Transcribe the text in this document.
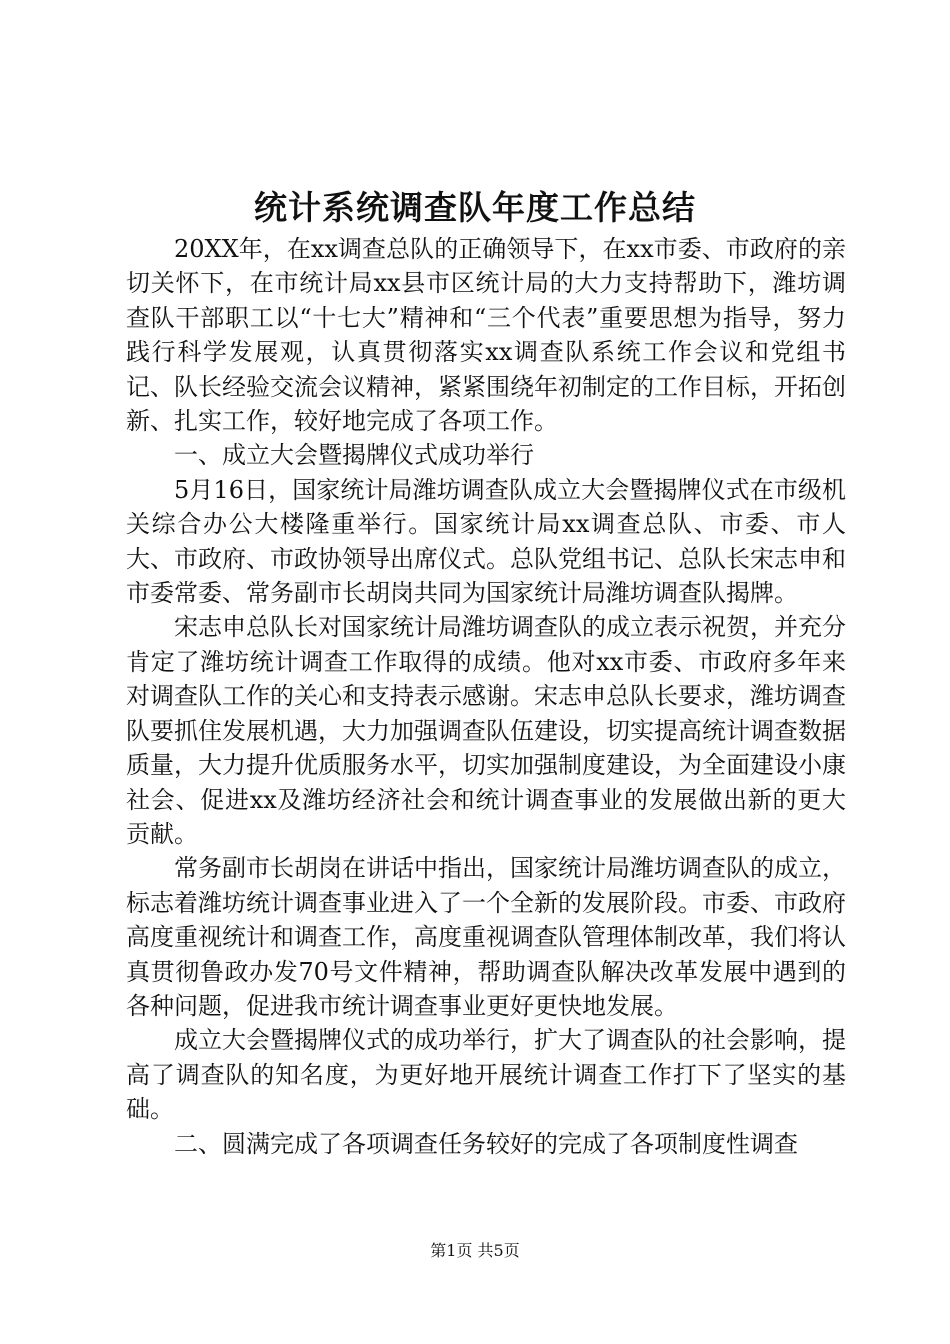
统计系统调查队年度工作总结

20XX年，在xx调查总队的正确领导下，在xx市委、市政府的亲切关怀下，在市统计局xx县市区统计局的大力支持帮助下，潍坊调查队干部职工以“十七大”精神和“三个代表”重要思想为指导，努力践行科学发展观，认真贯彻落实xx调查队系统工作会议和党组书记、队长经验交流会议精神，紧紧围绕年初制定的工作目标，开拓创新、扎实工作，较好地完成了各项工作。

一、成立大会暨揭牌仪式成功举行

5月16日，国家统计局潍坊调查队成立大会暨揭牌仪式在市级机关综合办公大楼隆重举行。国家统计局xx调查总队、市委、市人大、市政府、市政协领导出席仪式。总队党组书记、总队长宋志申和市委常委、常务副市长胡岗共同为国家统计局潍坊调查队揭牌。

宋志申总队长对国家统计局潍坊调查队的成立表示祝贺，并充分肯定了潍坊统计调查工作取得的成绩。他对xx市委、市政府多年来对调查队工作的关心和支持表示感谢。宋志申总队长要求，潍坊调查队要抓住发展机遇，大力加强调查队伍建设，切实提高统计调查数据质量，大力提升优质服务水平，切实加强制度建设，为全面建设小康社会、促进xx及潍坊经济社会和统计调查事业的发展做出新的更大贡献。

常务副市长胡岗在讲话中指出，国家统计局潍坊调查队的成立，标志着潍坊统计调查事业进入了一个全新的发展阶段。市委、市政府高度重视统计和调查工作，高度重视调查队管理体制改革，我们将认真贯彻鲁政办发70号文件精神，帮助调查队解决改革发展中遇到的各种问题，促进我市统计调查事业更好更快地发展。

成立大会暨揭牌仪式的成功举行，扩大了调查队的社会影响，提高了调查队的知名度，为更好地开展统计调查工作打下了坚实的基础。

二、圆满完成了各项调查任务较好的完成了各项制度性调查

第1页 共5页
